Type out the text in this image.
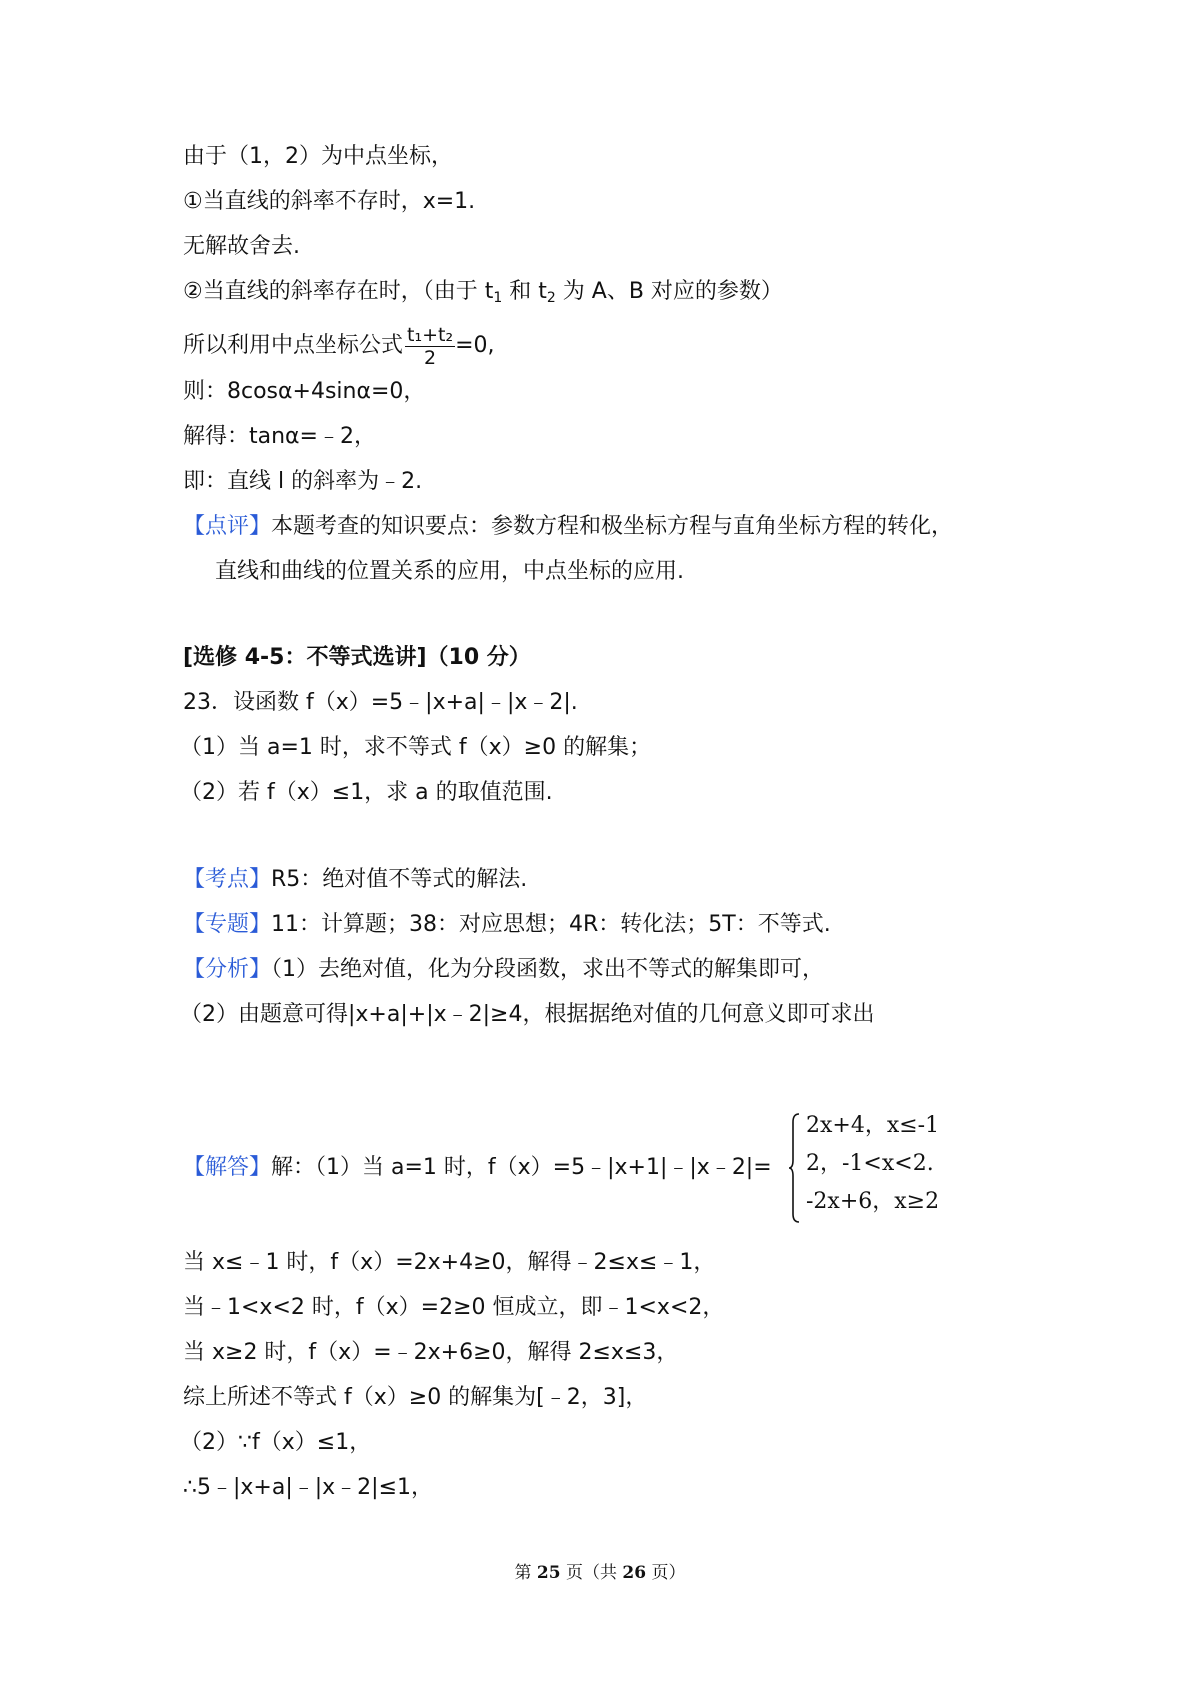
由于（1，2）为中点坐标，
①当直线的斜率不存时，x=1.
无解故舍去.
②当直线的斜率存在时，（由于 $t_1$ 和 $t_2$ 为 A、B 对应的参数）
所以利用中点坐标公式 $\frac{\text{t₁+t₂}}{2} =0$,
则：8cosα+4sinα=0，
解得：tanα=﹣2，
即：直线 l 的斜率为﹣2.
【点评】本题考查的知识要点：参数方程和极坐标方程与直角坐标方程的转化，
直线和曲线的位置关系的应用，中点坐标的应用.
[选修 4-5：不等式选讲]（10 分）
23．设函数 f（x）=5﹣|x+a|﹣|x﹣2|.
（1）当 a=1 时，求不等式 f（x）≥0 的解集；
（2）若 f（x）≤1，求 a 的取值范围.
【考点】R5：绝对值不等式的解法.
【专题】11：计算题；38：对应思想；4R：转化法；5T：不等式.
【分析】（1）去绝对值，化为分段函数，求出不等式的解集即可，
（2）由题意可得|x+a|+|x﹣2|≥4，根据据绝对值的几何意义即可求出
【解答】解：（1）当 a=1 时，f（x）=5﹣|x+1|﹣|x﹣2|=
2x+4，x≤-1
2，-1<x<2.
-2x+6，x≥2
当 x≤﹣1 时，f（x）=2x+4≥0，解得﹣2≤x≤﹣1，
当﹣1<x<2 时，f（x）=2≥0 恒成立，即﹣1<x<2，
当 x≥2 时，f（x）=﹣2x+6≥0，解得 2≤x≤3，
综上所述不等式 f（x）≥0 的解集为[﹣2，3]，
（2）∵f（x）≤1，
∴5﹣|x+a|﹣|x﹣2|≤1，
第 25 页（共 26 页）
